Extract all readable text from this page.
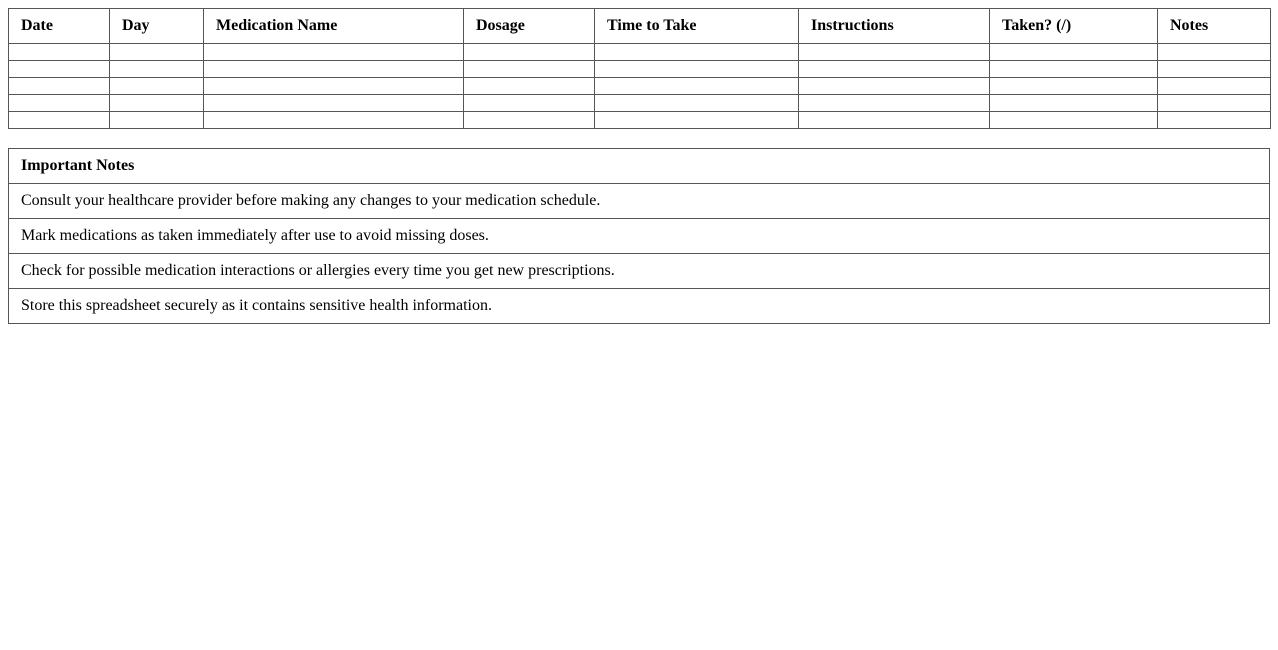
Date	Day	Medication Name	Dosage	Time to Take	Instructions	Taken? (/)	Notes

Important Notes
Consult your healthcare provider before making any changes to your medication schedule.
Mark medications as taken immediately after use to avoid missing doses.
Check for possible medication interactions or allergies every time you get new prescriptions.
Store this spreadsheet securely as it contains sensitive health information.
